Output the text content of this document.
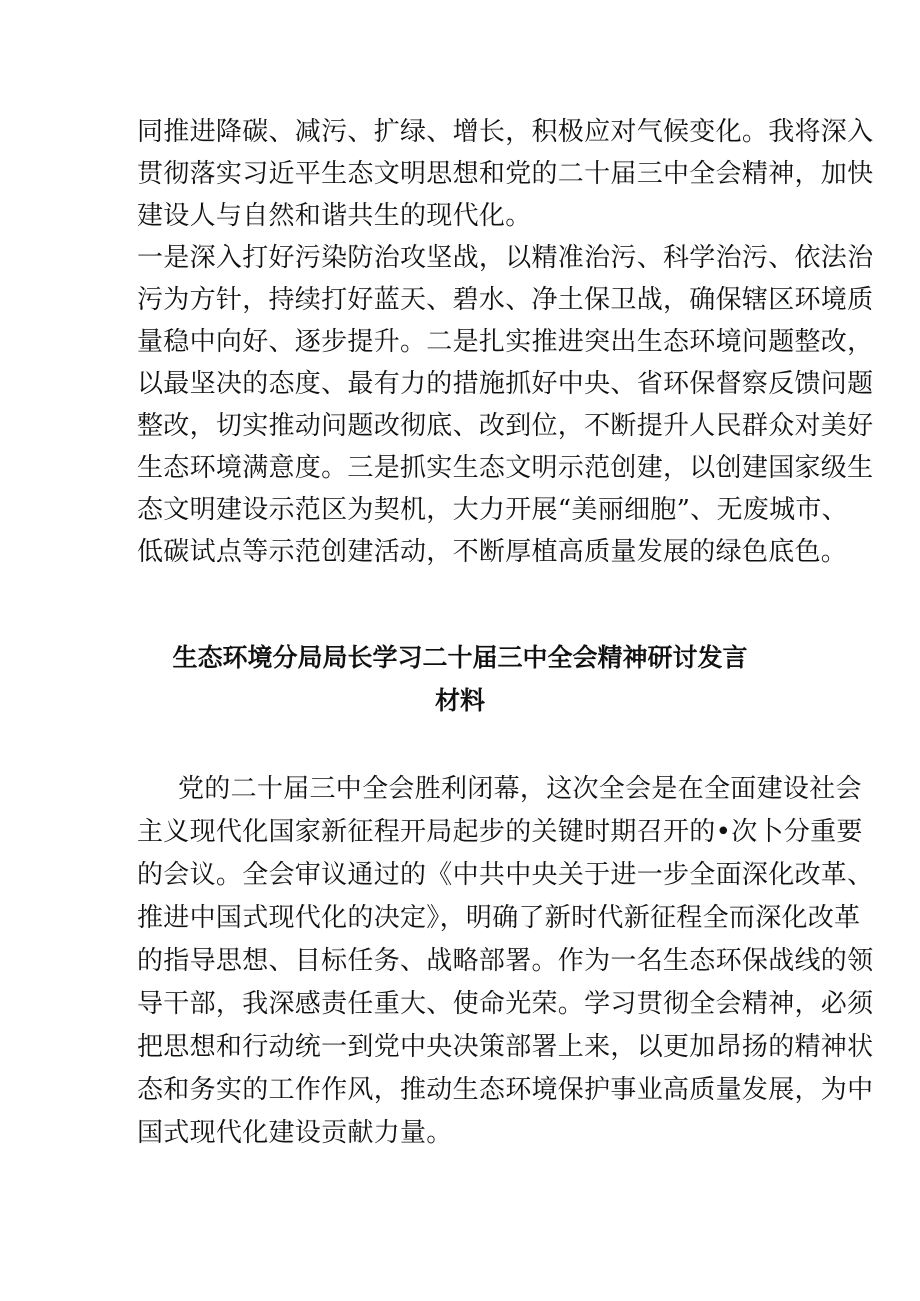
同推进降碳、减污、扩绿、增长，积极应对气候变化。我将深入
贯彻落实习近平生态文明思想和党的二十届三中全会精神，加快
建设人与自然和谐共生的现代化。
一是深入打好污染防治攻坚战，以精准治污、科学治污、依法治
污为方针，持续打好蓝天、碧水、净土保卫战，确保辖区环境质
量稳中向好、逐步提升。二是扎实推进突出生态环境问题整改，
以最坚决的态度、最有力的措施抓好中央、省环保督察反馈问题
整改，切实推动问题改彻底、改到位，不断提升人民群众对美好
生态环境满意度。三是抓实生态文明示范创建，以创建国家级生
态文明建设示范区为契机，大力开展“美丽细胞”、无废城市、
低碳试点等示范创建活动，不断厚植高质量发展的绿色底色。
生态环境分局局长学习二十届三中全会精神研讨发言
材料
党的二十届三中全会胜利闭幕，这次全会是在全面建设社会
主义现代化国家新征程开局起步的关键时期召开的•次卜分重要
的会议。全会审议通过的《中共中央关于进一步全面深化改革、
推进中国式现代化的决定》，明确了新时代新征程全而深化改革
的指导思想、目标任务、战略部署。作为一名生态环保战线的领
导干部，我深感责任重大、使命光荣。学习贯彻全会精神，必须
把思想和行动统一到党中央决策部署上来，以更加昂扬的精神状
态和务实的工作作风，推动生态环境保护事业高质量发展，为中
国式现代化建设贡献力量。
